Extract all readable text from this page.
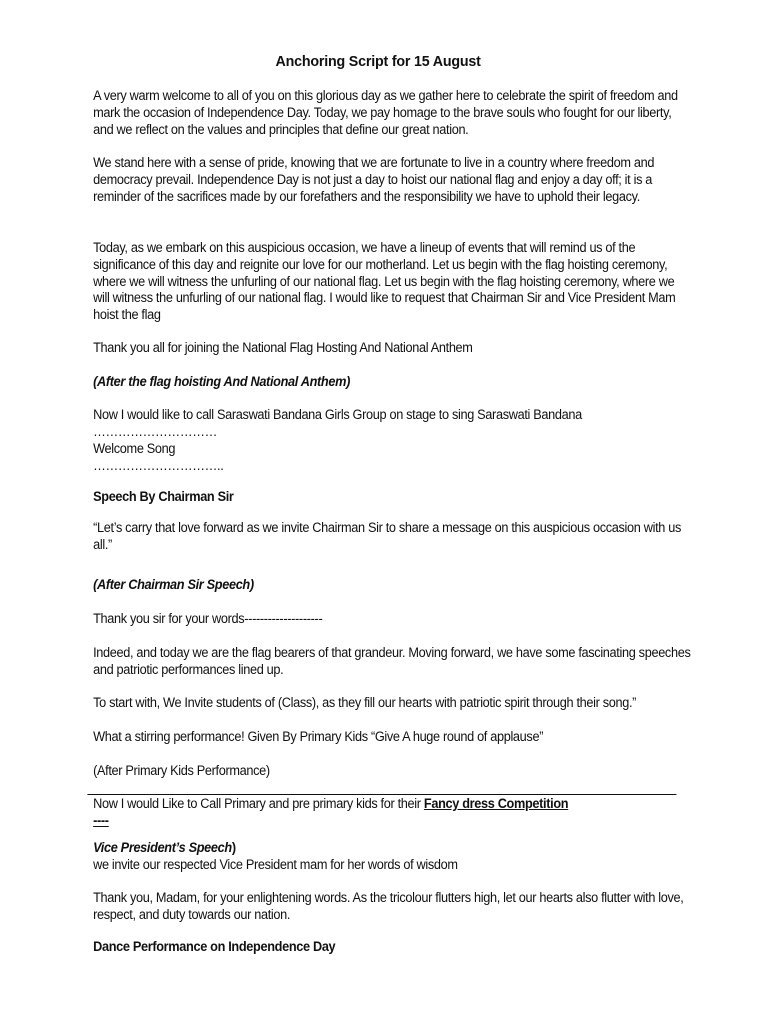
Anchoring Script for 15 August

A very warm welcome to all of you on this glorious day as we gather here to celebrate the spirit of freedom and mark the occasion of Independence Day. Today, we pay homage to the brave souls who fought for our liberty, and we reflect on the values and principles that define our great nation.

We stand here with a sense of pride, knowing that we are fortunate to live in a country where freedom and democracy prevail. Independence Day is not just a day to hoist our national flag and enjoy a day off; it is a reminder of the sacrifices made by our forefathers and the responsibility we have to uphold their legacy.

Today, as we embark on this auspicious occasion, we have a lineup of events that will remind us of the significance of this day and reignite our love for our motherland. Let us begin with the flag hoisting ceremony, where we will witness the unfurling of our national flag. Let us begin with the flag hoisting ceremony, where we will witness the unfurling of our national flag. I would like to request that Chairman Sir and Vice President Mam hoist the flag

Thank you all for joining the National Flag Hosting And National Anthem

(After the flag hoisting And National Anthem)

Now I would like to call Saraswati Bandana Girls Group on stage to sing Saraswati Bandana

…………………………

Welcome Song

…………………………..

Speech By Chairman Sir

“Let’s carry that love forward as we invite Chairman Sir to share a message on this auspicious occasion with us all.”

(After Chairman Sir Speech)

Thank you sir for your words--------------------

Indeed, and today we are the flag bearers of that grandeur. Moving forward, we have some fascinating speeches and patriotic performances lined up.

To start with, We Invite students of (Class), as they fill our hearts with patriotic spirit through their song.”

What a stirring performance! Given By Primary Kids “Give A huge round of applause”

(After Primary Kids Performance)

Now I would Like to Call Primary and pre primary kids for their Fancy dress Competition

----

Vice President’s Speech)

we invite our respected Vice President mam for her words of wisdom

Thank you, Madam, for your enlightening words. As the tricolour flutters high, let our hearts also flutter with love, respect, and duty towards our nation.

Dance Performance on Independence Day
